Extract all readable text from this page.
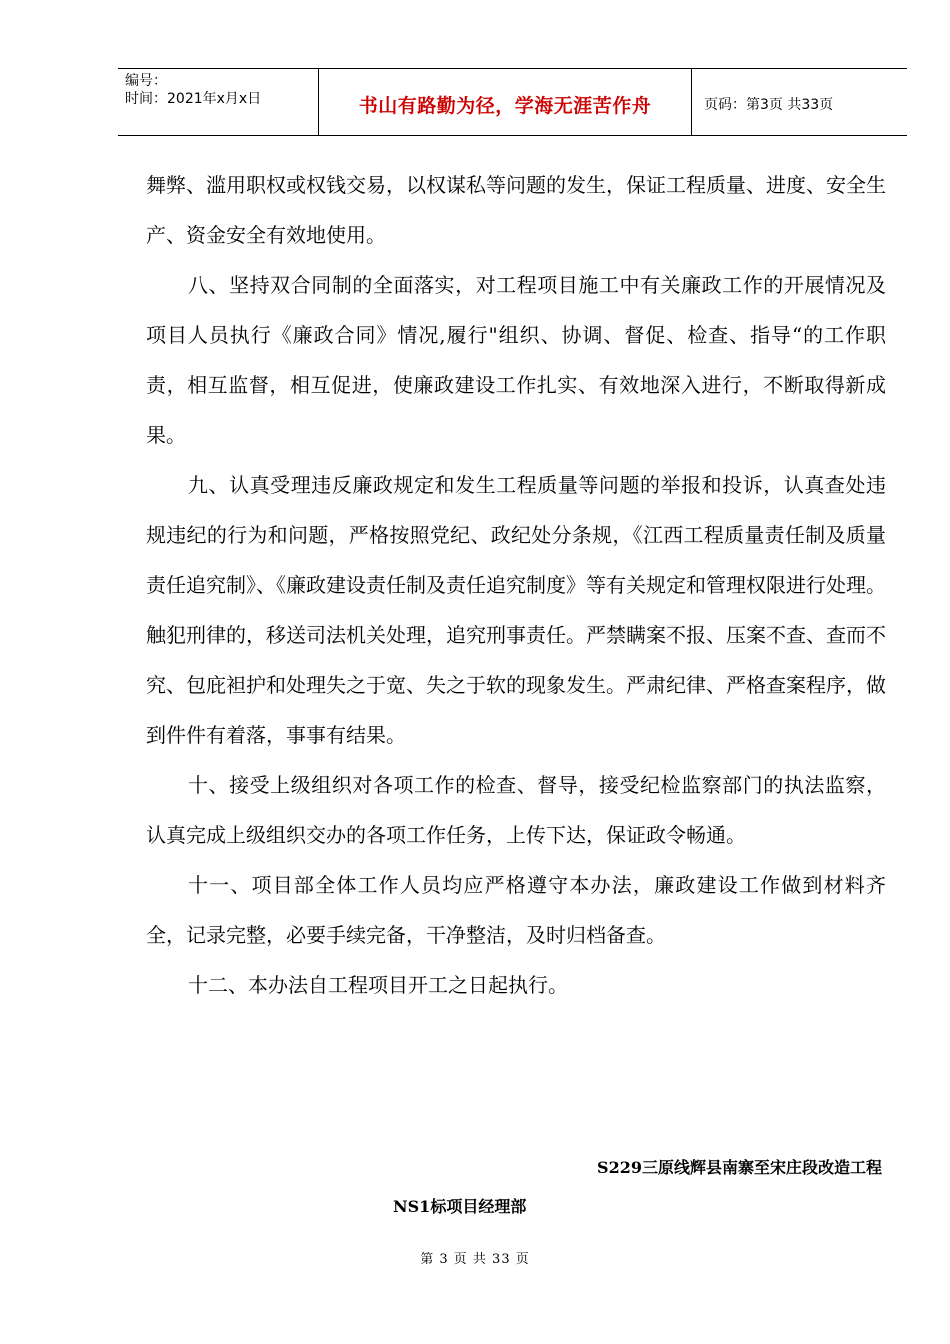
编号：
时间：2021年x月x日	书山有路勤为径，学海无涯苦作舟	页码：第3页 共33页

舞弊、滥用职权或权钱交易，以权谋私等问题的发生，保证工程质量、进度、安全生产、资金安全有效地使用。

八、坚持双合同制的全面落实，对工程项目施工中有关廉政工作的开展情况及项目人员执行《廉政合同》情况,履行"组织、协调、督促、检查、指导“的工作职责，相互监督，相互促进，使廉政建设工作扎实、有效地深入进行，不断取得新成果。

九、认真受理违反廉政规定和发生工程质量等问题的举报和投诉，认真查处违规违纪的行为和问题，严格按照党纪、政纪处分条规，《江西工程质量责任制及质量责任追究制》、《廉政建设责任制及责任追究制度》等有关规定和管理权限进行处理。触犯刑律的，移送司法机关处理，追究刑事责任。严禁瞒案不报、压案不查、查而不究、包庇袒护和处理失之于宽、失之于软的现象发生。严肃纪律、严格查案程序，做到件件有着落，事事有结果。

十、接受上级组织对各项工作的检查、督导，接受纪检监察部门的执法监察，认真完成上级组织交办的各项工作任务，上传下达，保证政令畅通。

十一、项目部全体工作人员均应严格遵守本办法，廉政建设工作做到材料齐全，记录完整，必要手续完备，干净整洁，及时归档备查。

十二、本办法自工程项目开工之日起执行。

S229三原线辉县南寨至宋庄段改造工程
NS1标项目经理部
第 3 页 共 33 页
